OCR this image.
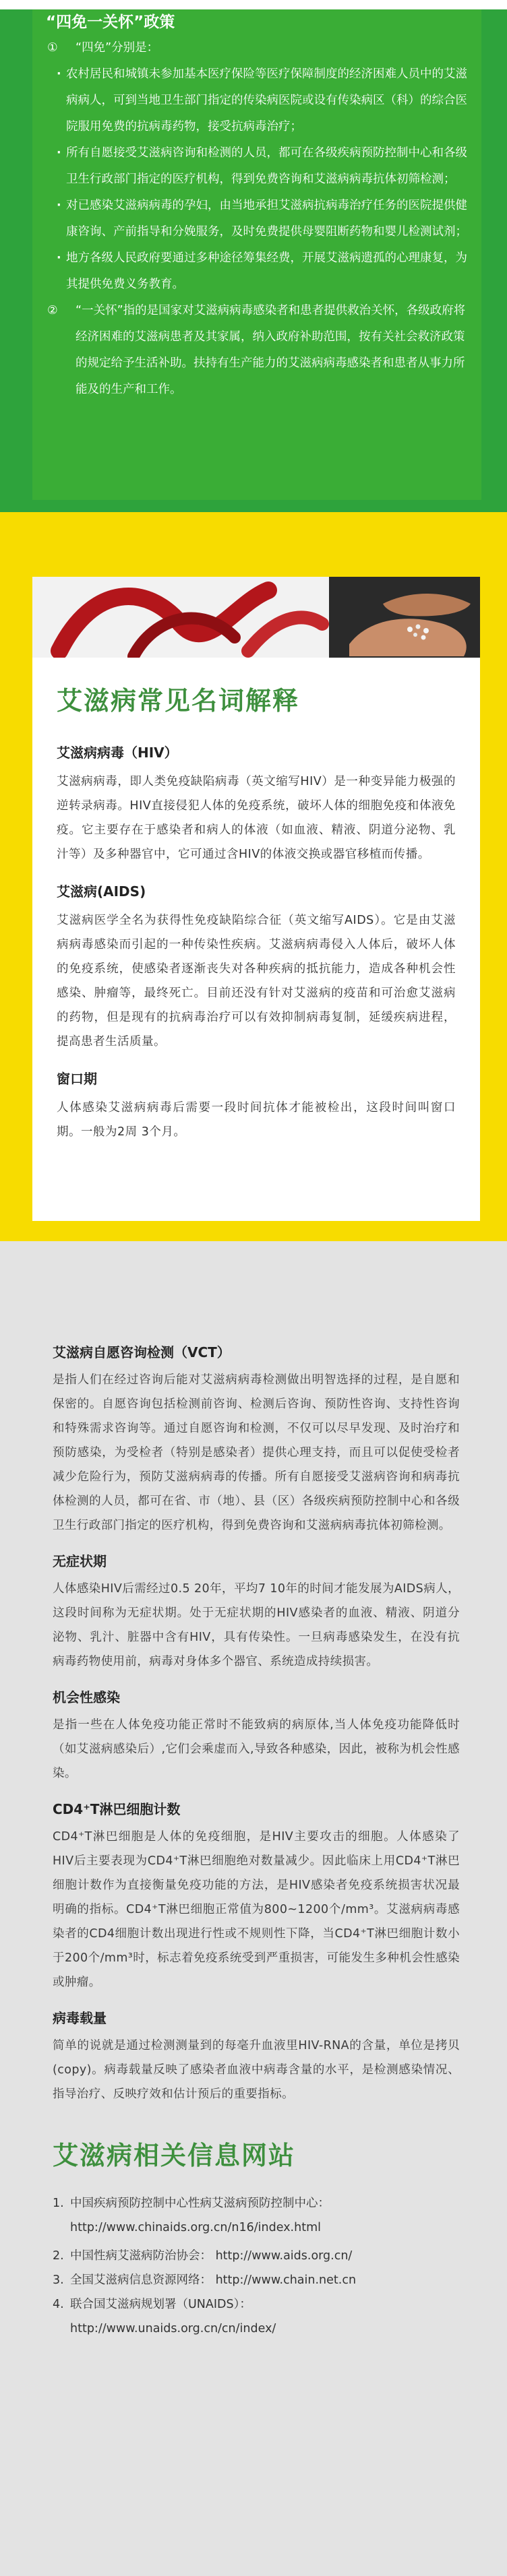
“四免一关怀”政策

① “四免”分别是：

· 农村居民和城镇未参加基本医疗保险等医疗保障制度的经济困难人员中的艾滋病病人，可到当地卫生部门指定的传染病医院或设有传染病区（科）的综合医院服用免费的抗病毒药物，接受抗病毒治疗；

· 所有自愿接受艾滋病咨询和检测的人员，都可在各级疾病预防控制中心和各级卫生行政部门指定的医疗机构，得到免费咨询和艾滋病病毒抗体初筛检测；

· 对已感染艾滋病病毒的孕妇，由当地承担艾滋病抗病毒治疗任务的医院提供健康咨询、产前指导和分娩服务，及时免费提供母婴阻断药物和婴儿检测试剂；

· 地方各级人民政府要通过多种途径筹集经费，开展艾滋病遗孤的心理康复，为其提供免费义务教育。

② “一关怀”指的是国家对艾滋病病毒感染者和患者提供救治关怀，各级政府将经济困难的艾滋病患者及其家属，纳入政府补助范围，按有关社会救济政策的规定给予生活补助。扶持有生产能力的艾滋病病毒感染者和患者从事力所能及的生产和工作。

艾滋病常见名词解释

艾滋病病毒（HIV）

艾滋病病毒，即人类免疫缺陷病毒（英文缩写HIV）是一种变异能力极强的逆转录病毒。HIV直接侵犯人体的免疫系统，破坏人体的细胞免疫和体液免疫。它主要存在于感染者和病人的体液（如血液、精液、阴道分泌物、乳汁等）及多种器官中，它可通过含HIV的体液交换或器官移植而传播。

艾滋病(AIDS)

艾滋病医学全名为获得性免疫缺陷综合征（英文缩写AIDS）。它是由艾滋病病毒感染而引起的一种传染性疾病。艾滋病病毒侵入人体后，破坏人体的免疫系统，使感染者逐渐丧失对各种疾病的抵抗能力，造成各种机会性感染、肿瘤等，最终死亡。目前还没有针对艾滋病的疫苗和可治愈艾滋病的药物，但是现有的抗病毒治疗可以有效抑制病毒复制，延缓疾病进程，提高患者生活质量。

窗口期

人体感染艾滋病病毒后需要一段时间抗体才能被检出，这段时间叫窗口期。一般为2周 3个月。

艾滋病自愿咨询检测（VCT）

是指人们在经过咨询后能对艾滋病病毒检测做出明智选择的过程，是自愿和保密的。自愿咨询包括检测前咨询、检测后咨询、预防性咨询、支持性咨询和特殊需求咨询等。通过自愿咨询和检测，不仅可以尽早发现、及时治疗和预防感染，为受检者（特别是感染者）提供心理支持，而且可以促使受检者减少危险行为，预防艾滋病病毒的传播。所有自愿接受艾滋病咨询和病毒抗体检测的人员，都可在省、市（地）、县（区）各级疾病预防控制中心和各级卫生行政部门指定的医疗机构，得到免费咨询和艾滋病病毒抗体初筛检测。

无症状期

人体感染HIV后需经过0.5 20年，平均7 10年的时间才能发展为AIDS病人，这段时间称为无症状期。处于无症状期的HIV感染者的血液、精液、阴道分泌物、乳汁、脏器中含有HIV，具有传染性。一旦病毒感染发生，在没有抗病毒药物使用前，病毒对身体多个器官、系统造成持续损害。

机会性感染

是指一些在人体免疫功能正常时不能致病的病原体,当人体免疫功能降低时（如艾滋病感染后）,它们会乘虚而入,导致各种感染，因此，被称为机会性感染。

CD4⁺T淋巴细胞计数

CD4⁺T淋巴细胞是人体的免疫细胞，是HIV主要攻击的细胞。人体感染了HIV后主要表现为CD4⁺T淋巴细胞绝对数量减少。因此临床上用CD4⁺T淋巴细胞计数作为直接衡量免疫功能的方法，是HIV感染者免疫系统损害状况最明确的指标。CD4⁺T淋巴细胞正常值为800~1200个/mm³。艾滋病病毒感染者的CD4细胞计数出现进行性或不规则性下降，当CD4⁺T淋巴细胞计数小于200个/mm³时，标志着免疫系统受到严重损害，可能发生多种机会性感染或肿瘤。

病毒载量

简单的说就是通过检测测量到的每毫升血液里HIV-RNA的含量，单位是拷贝(copy)。病毒载量反映了感染者血液中病毒含量的水平，是检测感染情况、指导治疗、反映疗效和估计预后的重要指标。

艾滋病相关信息网站

1. 中国疾病预防控制中心性病艾滋病预防控制中心：

http://www.chinaids.org.cn/n16/index.html

2. 中国性病艾滋病防治协会： http://www.aids.org.cn/

3. 全国艾滋病信息资源网络： http://www.chain.net.cn

4. 联合国艾滋病规划署（UNAIDS）：

http://www.unaids.org.cn/cn/index/
